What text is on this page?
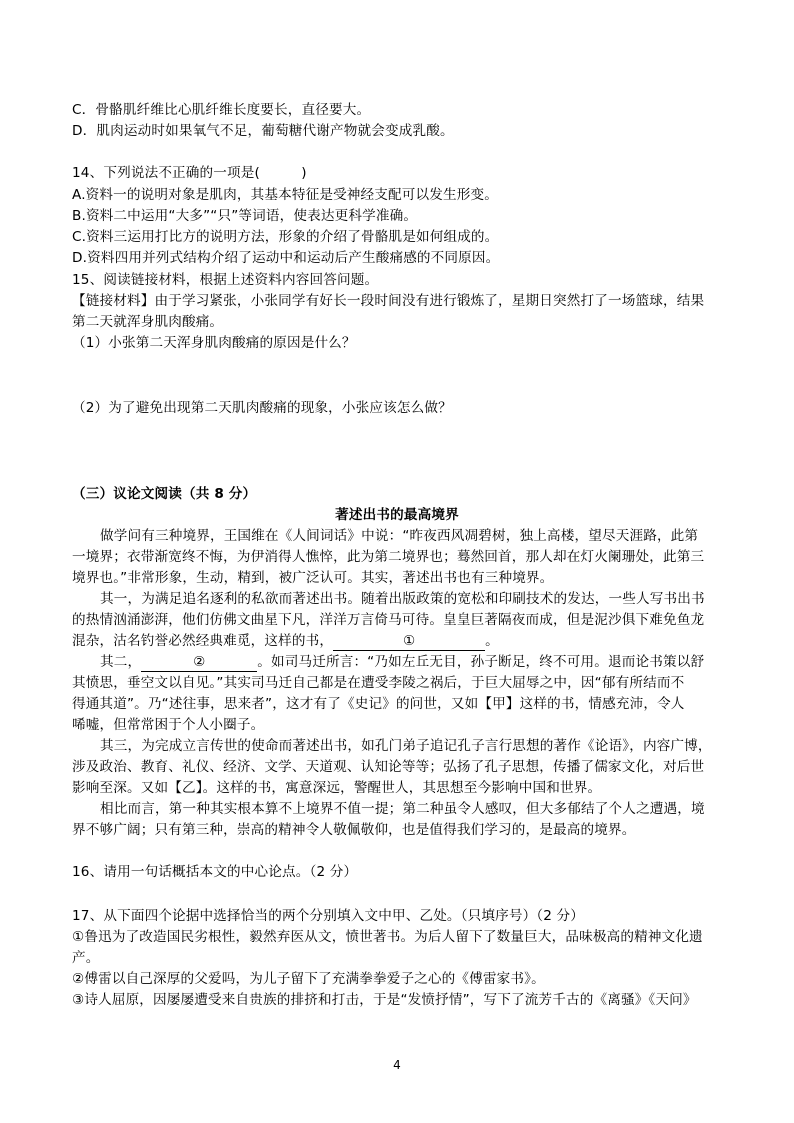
C．骨骼肌纤维比心肌纤维长度要长，直径要大。
D．肌肉运动时如果氧气不足，葡萄糖代谢产物就会变成乳酸。
14、下列说法不正确的一项是(　　　)
A.资料一的说明对象是肌肉，其基本特征是受神经支配可以发生形变。
B.资料二中运用“大多”“只”等词语，使表达更科学准确。
C.资料三运用打比方的说明方法，形象的介绍了骨骼肌是如何组成的。
D.资料四用并列式结构介绍了运动中和运动后产生酸痛感的不同原因。
15、阅读链接材料，根据上述资料内容回答问题。
【链接材料】由于学习紧张，小张同学有好长一段时间没有进行锻炼了，星期日突然打了一场篮球，结果
第二天就浑身肌肉酸痛。
（1）小张第二天浑身肌肉酸痛的原因是什么？
（2）为了避免出现第二天肌肉酸痛的现象，小张应该怎么做？
（三）议论文阅读（共 8 分）
著述出书的最高境界
做学问有三种境界，王国维在《人间词话》中说：“昨夜西风凋碧树，独上高楼，望尽天涯路，此第
一境界；衣带渐宽终不悔，为伊消得人憔悴，此为第二境界也；蓦然回首，那人却在灯火阑珊处，此第三
境界也。”非常形象，生动，精到，被广泛认可。其实，著述出书也有三种境界。
其一，为满足追名逐利的私欲而著述出书。随着出版政策的宽松和印刷技术的发达，一些人写书出书
的热情汹涌澎湃，他们仿佛文曲星下凡，洋洋万言倚马可待。皇皇巨著隔夜而成，但是泥沙俱下难免鱼龙
混杂，沽名钓誉必然经典难觅，这样的书，	①	。
其二，	②	。如司马迁所言：“乃如左丘无目，孙子断足，终不可用。退而论书策以舒
其愤思，垂空文以自见。”其实司马迁自己都是在遭受李陵之祸后，于巨大屈辱之中，因“郁有所结而不
得通其道”。乃“述往事，思来者”，这才有了《史记》的问世，又如【甲】这样的书，情感充沛，令人
唏嘘，但常常困于个人小圈子。
其三，为完成立言传世的使命而著述出书，如孔门弟子追记孔子言行思想的著作《论语》，内容广博，
涉及政治、教育、礼仪、经济、文学、天道观、认知论等等；弘扬了孔子思想，传播了儒家文化，对后世
影响至深。又如【乙】。这样的书，寓意深远，警醒世人，其思想至今影响中国和世界。
相比而言，第一种其实根本算不上境界不值一提；第二种虽令人感叹，但大多郁结了个人之遭遇，境
界不够广阔；只有第三种，崇高的精神令人敬佩敬仰，也是值得我们学习的，是最高的境界。
16、请用一句话概括本文的中心论点。（2 分）
17、从下面四个论据中选择恰当的两个分别填入文中甲、乙处。（只填序号）（2 分）
①鲁迅为了改造国民劣根性，毅然弃医从文，愤世著书。为后人留下了数量巨大，品味极高的精神文化遗
产。
②傅雷以自己深厚的父爱吗，为儿子留下了充满拳拳爱子之心的《傅雷家书》。
③诗人屈原，因屡屡遭受来自贵族的排挤和打击，于是“发愤抒情”，写下了流芳千古的《离骚》《天问》
4
